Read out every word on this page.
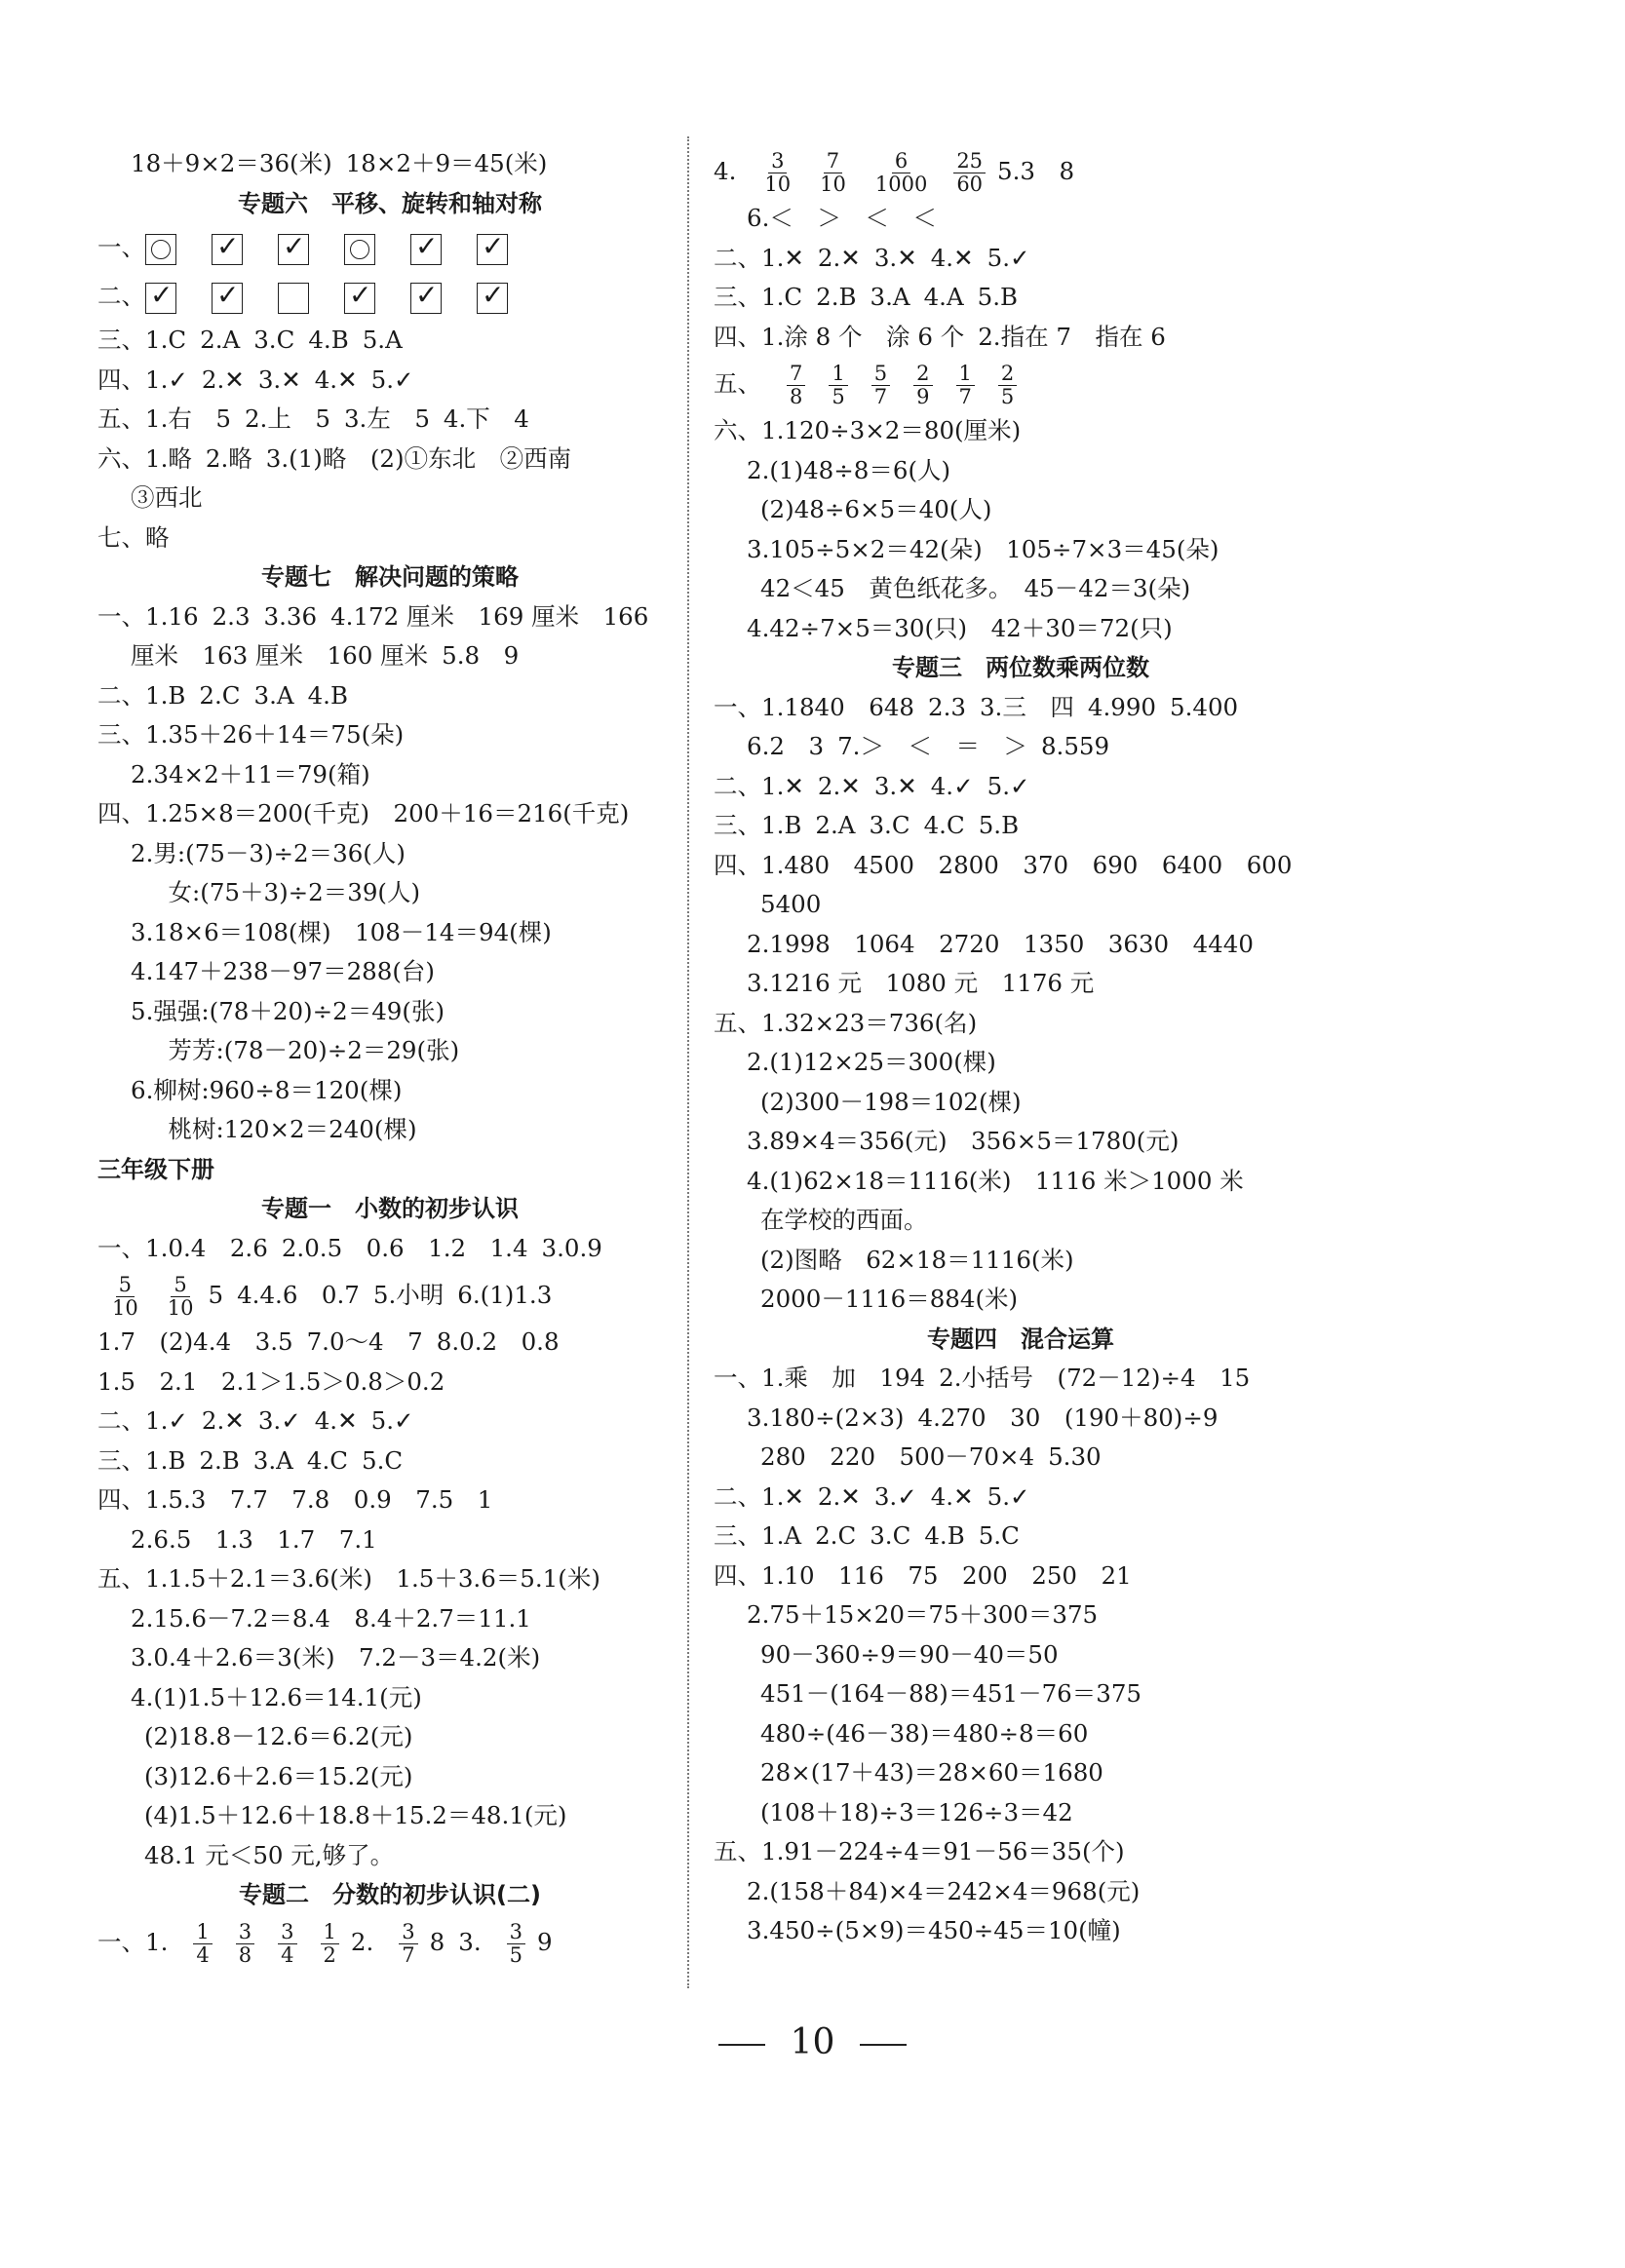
18＋9×2＝36(米) 18×2＋9＝45(米)
专题六　平移、旋转和轴对称
一、✓✓✓✓
二、✓✓✓✓✓
三、1.C 2.A 3.C 4.B 5.A
四、1.✓ 2.✕ 3.✕ 4.✕ 5.✓
五、1.右　5 2.上　5 3.左　5 4.下　4
六、1.略 2.略 3.(1)略　(2)①东北　②西南
③西北
七、略
专题七　解决问题的策略
一、1.16 2.3 3.36 4.172 厘米　169 厘米　166
厘米　163 厘米　160 厘米 5.8　9
二、1.B 2.C 3.A 4.B
三、1.35＋26＋14＝75(朵)
2.34×2＋11＝79(箱)
四、1.25×8＝200(千克)　200＋16＝216(千克)
2.男:(75－3)÷2＝36(人)
　女:(75＋3)÷2＝39(人)
3.18×6＝108(棵)　108－14＝94(棵)
4.147＋238－97＝288(台)
5.强强:(78＋20)÷2＝49(张)
　芳芳:(78－20)÷2＝29(张)
6.柳树:960÷8＝120(棵)
　桃树:120×2＝240(棵)
三年级下册
专题一　小数的初步认识
一、1.0.4　2.6 2.0.5　0.6　1.2　1.4 3.0.9
$\frac{5}{10} \frac{5}{10} 5$ 4.4.6　0.7 5.小明 6.(1)1.3
1.7　(2)4.4　3.5 7.0～4　7 8.0.2　0.8
1.5　2.1　2.1＞1.5＞0.8＞0.2
二、1.✓ 2.✕ 3.✓ 4.✕ 5.✓
三、1.B 2.B 3.A 4.C 5.C
四、1.5.3　7.7　7.8　0.9　7.5　1
2.6.5　1.3　1.7　7.1
五、1.1.5＋2.1＝3.6(米)　1.5＋3.6＝5.1(米)
2.15.6－7.2＝8.4　8.4＋2.7＝11.1
3.0.4＋2.6＝3(米)　7.2－3＝4.2(米)
4.(1)1.5＋12.6＝14.1(元)
(2)18.8－12.6＝6.2(元)
(3)12.6＋2.6＝15.2(元)
(4)1.5＋12.6＋18.8＋15.2＝48.1(元)
48.1 元＜50 元,够了。
专题二　分数的初步认识(二)
一、1. $\frac{1}{4} \frac{3}{8} \frac{3}{4} \frac{1}{2} 2$. $\frac{3}{7} 8$ 3. $\frac{3}{5} 9$
4. $\frac{3}{10} \frac{7}{10} \frac{6}{1000} \frac{25}{60} 5.3$　8
6.＜　＞　＜　＜
二、1.✕ 2.✕ 3.✕ 4.✕ 5.✓
三、1.C 2.B 3.A 4.A 5.B
四、1.涂 8 个　涂 6 个 2.指在 7　指在 6
五、 $\frac{7}{8} \frac{1}{5} \frac{5}{7} \frac{2}{9} \frac{1}{7} \frac{2}{5}$
六、1.120÷3×2＝80(厘米)
2.(1)48÷8＝6(人)
(2)48÷6×5＝40(人)
3.105÷5×2＝42(朵)　105÷7×3＝45(朵)
42＜45　黄色纸花多。　45－42＝3(朵)
4.42÷7×5＝30(只)　42＋30＝72(只)
专题三　两位数乘两位数
一、1.1840　648 2.3 3.三　四 4.990 5.400
6.2　3 7.＞　＜　＝　＞ 8.559
二、1.✕ 2.✕ 3.✕ 4.✓ 5.✓
三、1.B 2.A 3.C 4.C 5.B
四、1.480　4500　2800　370　690　6400　600
5400
2.1998　1064　2720　1350　3630　4440
3.1216 元　1080 元　1176 元
五、1.32×23＝736(名)
2.(1)12×25＝300(棵)
(2)300－198＝102(棵)
3.89×4＝356(元)　356×5＝1780(元)
4.(1)62×18＝1116(米)　1116 米＞1000 米
在学校的西面。
(2)图略　62×18＝1116(米)
2000－1116＝884(米)
专题四　混合运算
一、1.乘　加　194 2.小括号　(72－12)÷4　15
3.180÷(2×3) 4.270　30　(190＋80)÷9
280　220　500－70×4 5.30
二、1.✕ 2.✕ 3.✓ 4.✕ 5.✓
三、1.A 2.C 3.C 4.B 5.C
四、1.10　116　75　200　250　21
2.75＋15×20＝75＋300＝375
90－360÷9＝90－40＝50
451－(164－88)＝451－76＝375
480÷(46－38)＝480÷8＝60
28×(17＋43)＝28×60＝1680
(108＋18)÷3＝126÷3＝42
五、1.91－224÷4＝91－56＝35(个)
2.(158＋84)×4＝242×4＝968(元)
3.450÷(5×9)＝450÷45＝10(幢)
10
